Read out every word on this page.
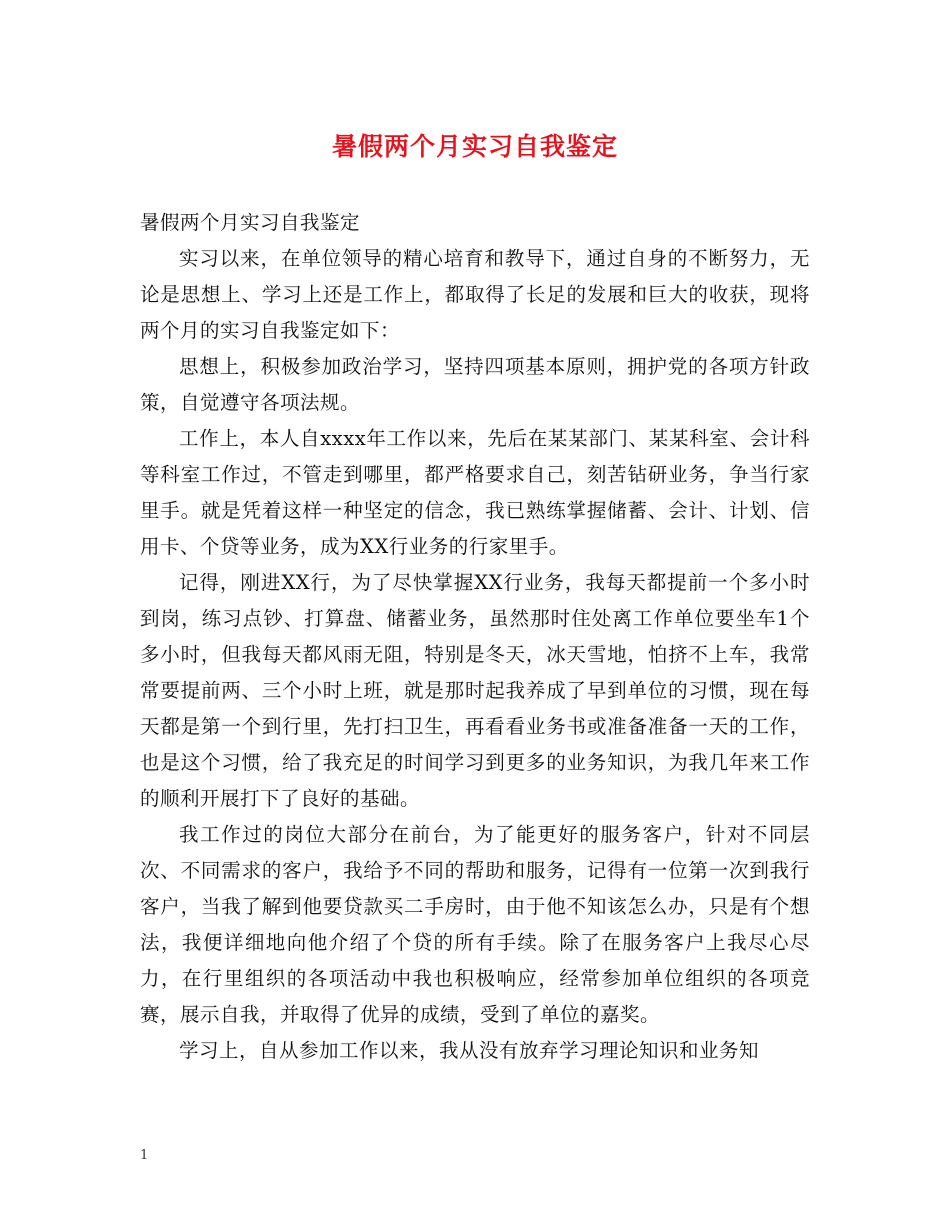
暑假两个月实习自我鉴定

暑假两个月实习自我鉴定

实习以来，在单位领导的精心培育和教导下，通过自身的不断努力，无论是思想上、学习上还是工作上，都取得了长足的发展和巨大的收获，现将两个月的实习自我鉴定如下：

思想上，积极参加政治学习，坚持四项基本原则，拥护党的各项方针政策，自觉遵守各项法规。

工作上，本人自xxxx年工作以来，先后在某某部门、某某科室、会计科等科室工作过，不管走到哪里，都严格要求自己，刻苦钻研业务，争当行家里手。就是凭着这样一种坚定的信念，我已熟练掌握储蓄、会计、计划、信用卡、个贷等业务，成为XX行业务的行家里手。

记得，刚进XX行，为了尽快掌握XX行业务，我每天都提前一个多小时到岗，练习点钞、打算盘、储蓄业务，虽然那时住处离工作单位要坐车1个多小时，但我每天都风雨无阻，特别是冬天，冰天雪地，怕挤不上车，我常常要提前两、三个小时上班，就是那时起我养成了早到单位的习惯，现在每天都是第一个到行里，先打扫卫生，再看看业务书或准备准备一天的工作，也是这个习惯，给了我充足的时间学习到更多的业务知识，为我几年来工作的顺利开展打下了良好的基础。

我工作过的岗位大部分在前台，为了能更好的服务客户，针对不同层次、不同需求的客户，我给予不同的帮助和服务，记得有一位第一次到我行客户，当我了解到他要贷款买二手房时，由于他不知该怎么办，只是有个想法，我便详细地向他介绍了个贷的所有手续。除了在服务客户上我尽心尽力，在行里组织的各项活动中我也积极响应，经常参加单位组织的各项竞赛，展示自我，并取得了优异的成绩，受到了单位的嘉奖。

学习上，自从参加工作以来，我从没有放弃学习理论知识和业务知

1
